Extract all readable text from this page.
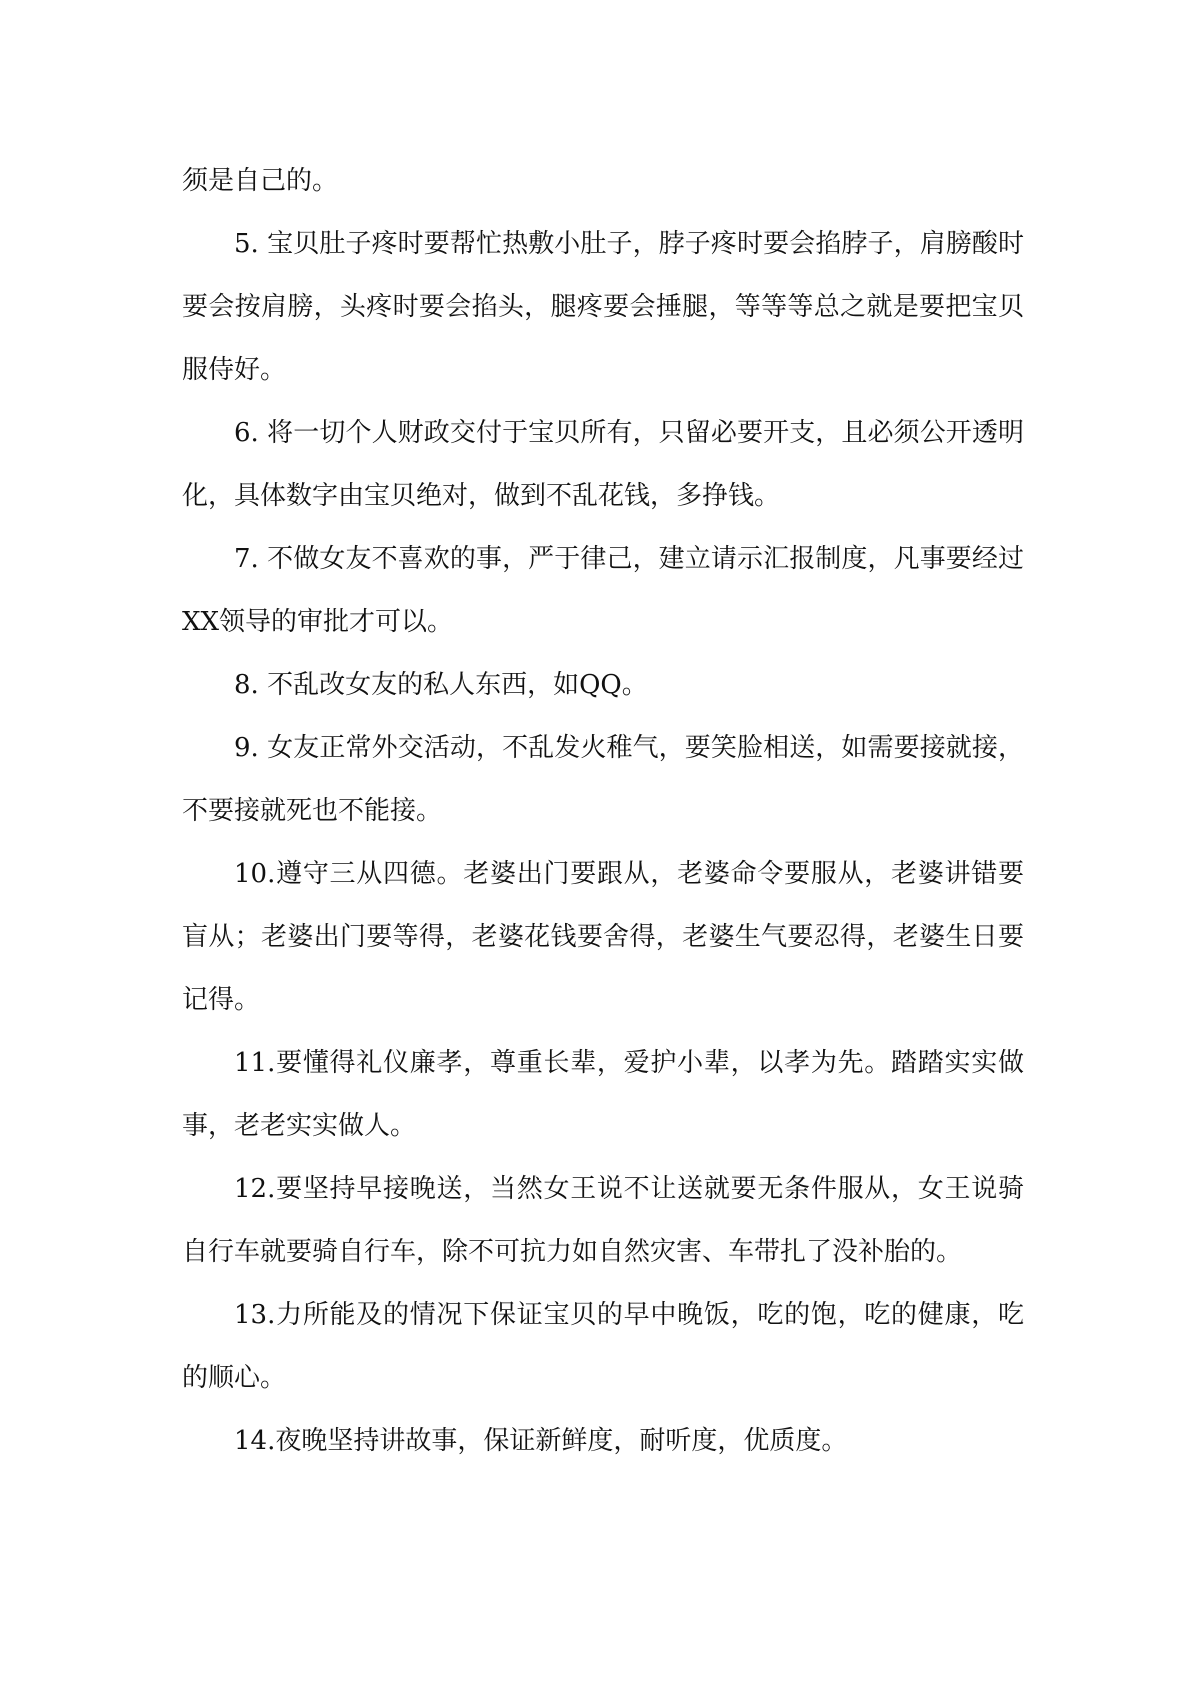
须是自己的。

5. 宝贝肚子疼时要帮忙热敷小肚子，脖子疼时要会掐脖子，肩膀酸时要会按肩膀，头疼时要会掐头，腿疼要会捶腿，等等等总之就是要把宝贝服侍好。

6. 将一切个人财政交付于宝贝所有，只留必要开支，且必须公开透明化，具体数字由宝贝绝对，做到不乱花钱，多挣钱。

7. 不做女友不喜欢的事，严于律己，建立请示汇报制度，凡事要经过XX领导的审批才可以。

8. 不乱改女友的私人东西，如QQ。

9. 女友正常外交活动，不乱发火稚气，要笑脸相送，如需要接就接，不要接就死也不能接。

10.遵守三从四德。老婆出门要跟从，老婆命令要服从，老婆讲错要盲从；老婆出门要等得，老婆花钱要舍得，老婆生气要忍得，老婆生日要记得。

11.要懂得礼仪廉孝，尊重长辈，爱护小辈，以孝为先。踏踏实实做事，老老实实做人。

12.要坚持早接晚送，当然女王说不让送就要无条件服从，女王说骑自行车就要骑自行车，除不可抗力如自然灾害、车带扎了没补胎的。

13.力所能及的情况下保证宝贝的早中晚饭，吃的饱，吃的健康，吃的顺心。

14.夜晚坚持讲故事，保证新鲜度，耐听度，优质度。
